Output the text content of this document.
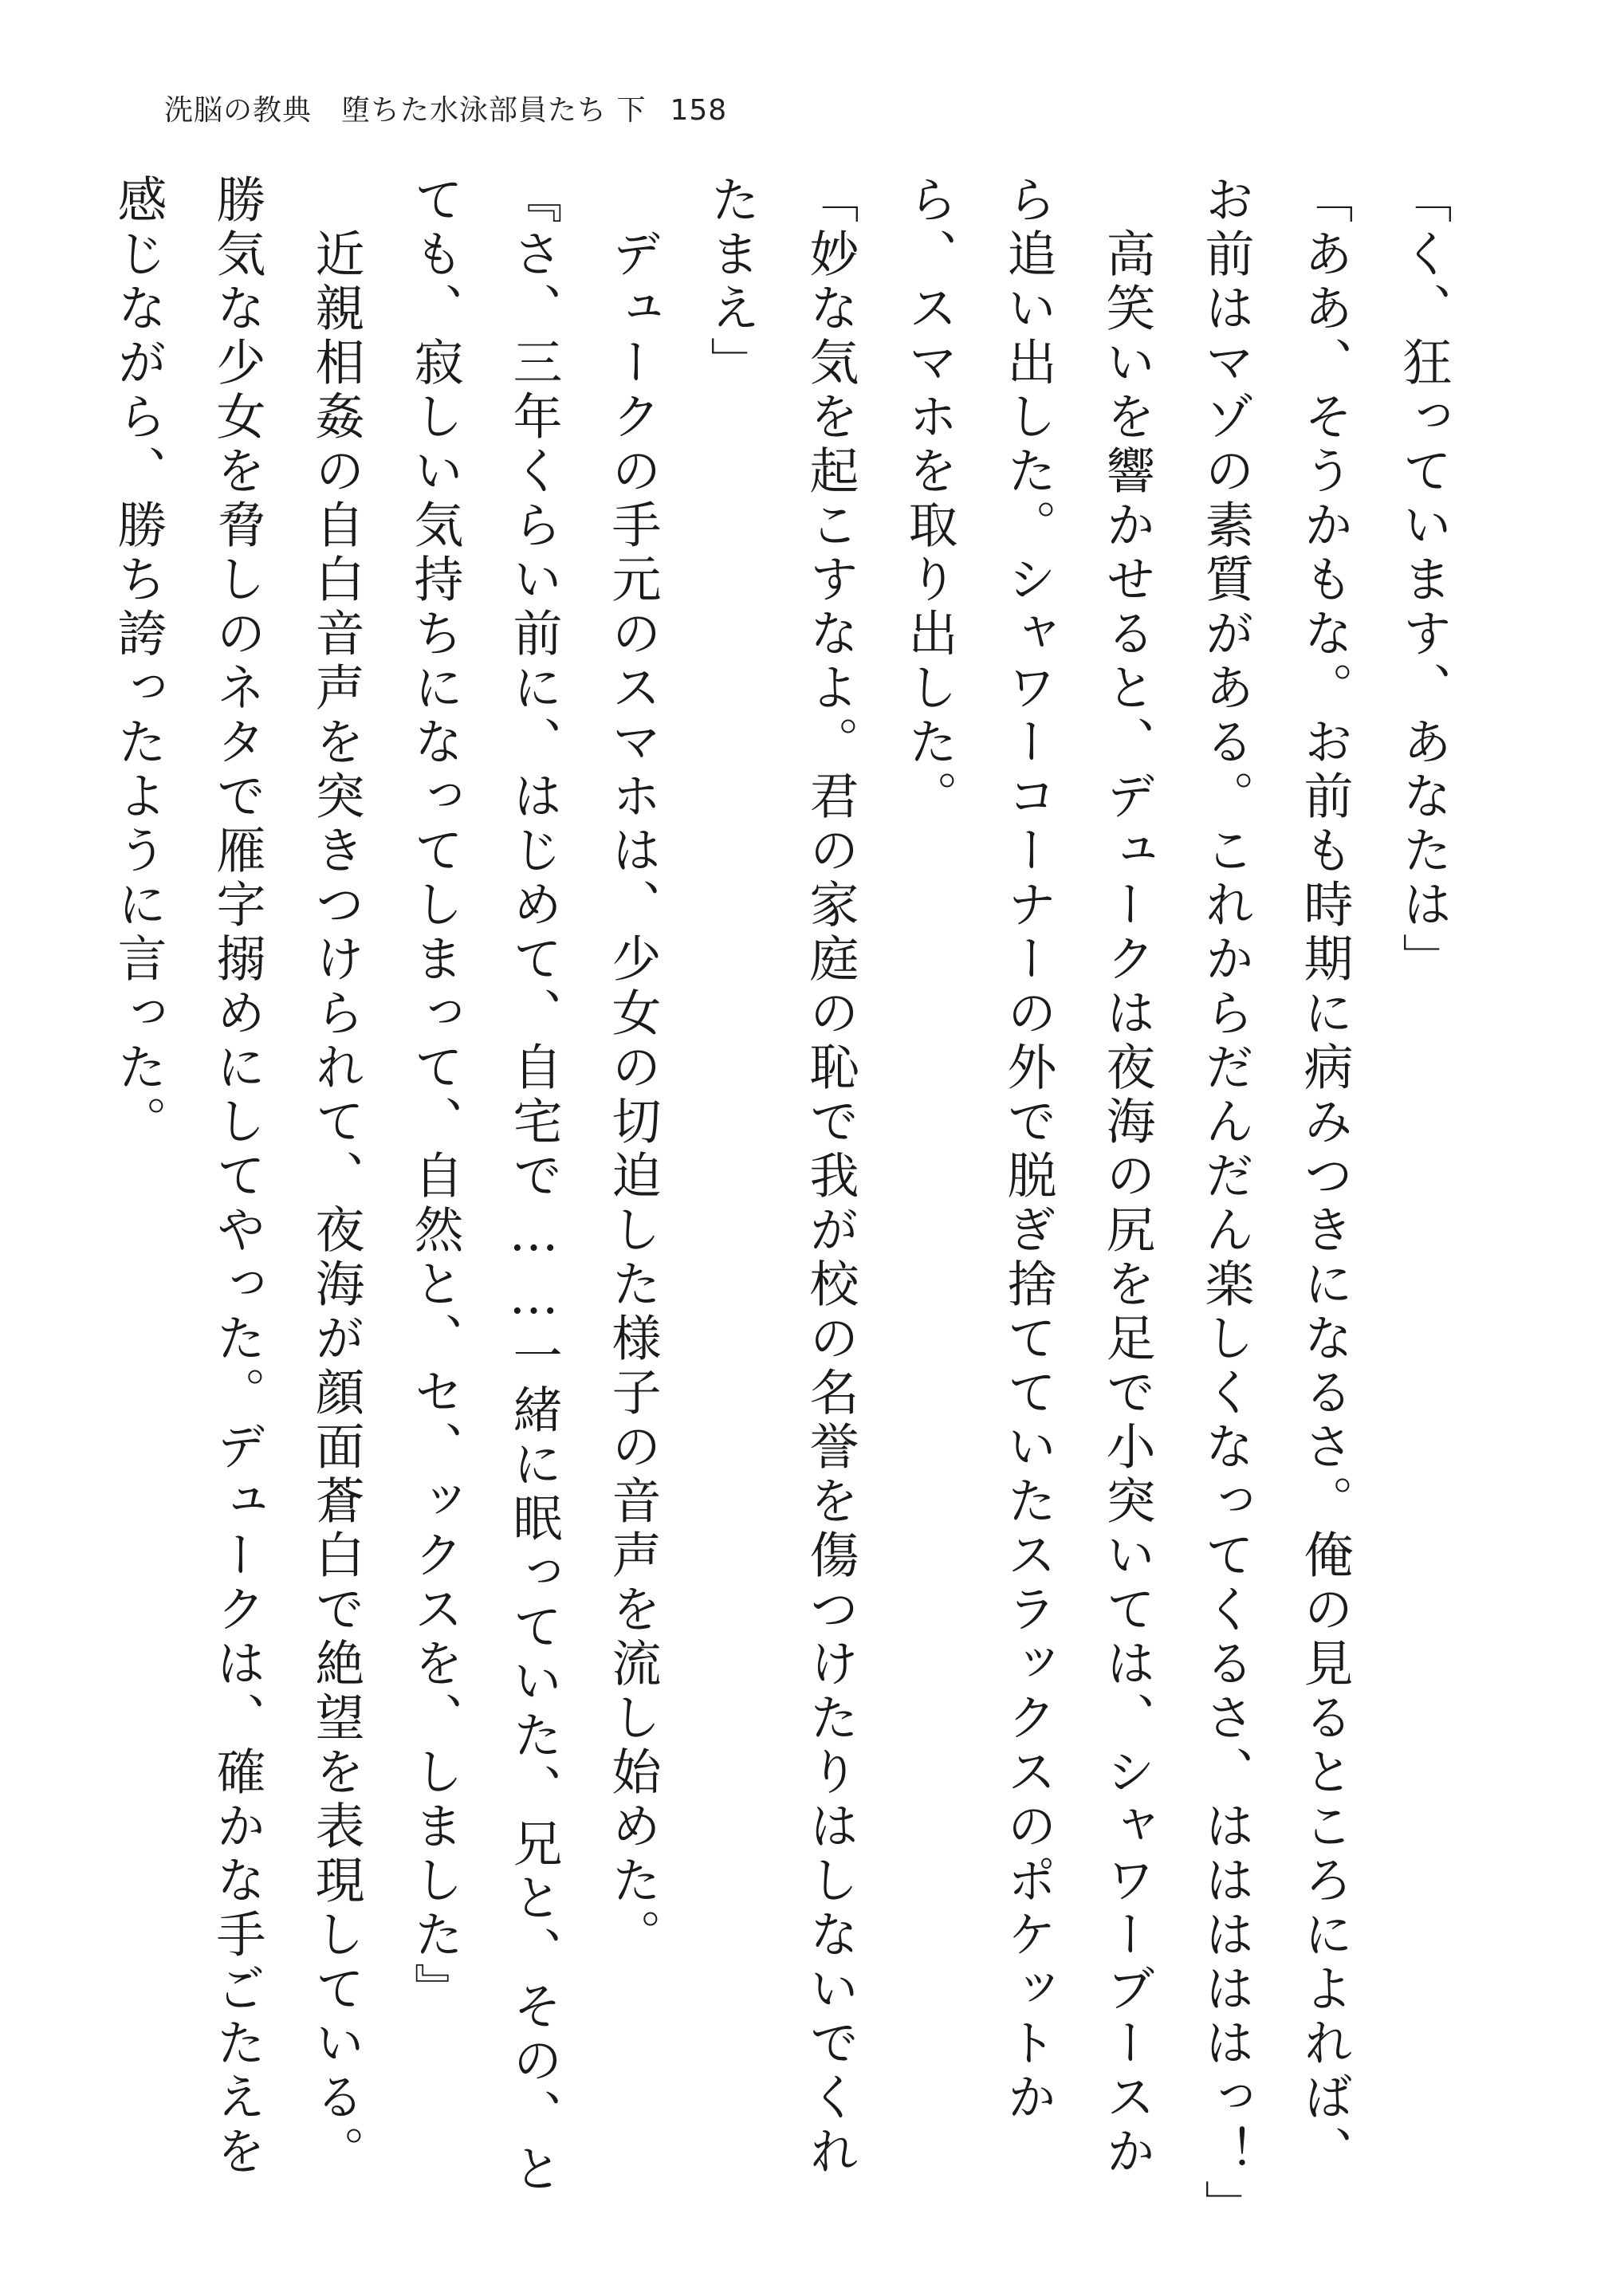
洗脳の教典　堕ちた水泳部員たち 下 158

「く、狂っています、あなたは」

「ああ、そうかもな。お前も時期に病みつきになるさ。俺の見るところによれば、お前はマゾの素質がある。これからだんだん楽しくなってくるさ、はははははっ！」

　高笑いを響かせると、デュークは夜海の尻を足で小突いては、シャワーブースから追い出した。シャワーコーナーの外で脱ぎ捨てていたスラックスのポケットから、スマホを取り出した。

「妙な気を起こすなよ。君の家庭の恥で我が校の名誉を傷つけたりはしないでくれたまえ」

　デュークの手元のスマホは、少女の切迫した様子の音声を流し始めた。

『さ、三年くらい前に、はじめて、自宅で……一緒に眠っていた、兄と、その、とても、寂しい気持ちになってしまって、自然と、セ、ックスを、しました』

　近親相姦の自白音声を突きつけられて、夜海が顔面蒼白で絶望を表現している。勝気な少女を脅しのネタで雁字搦めにしてやった。デュークは、確かな手ごたえを感じながら、勝ち誇ったように言った。
